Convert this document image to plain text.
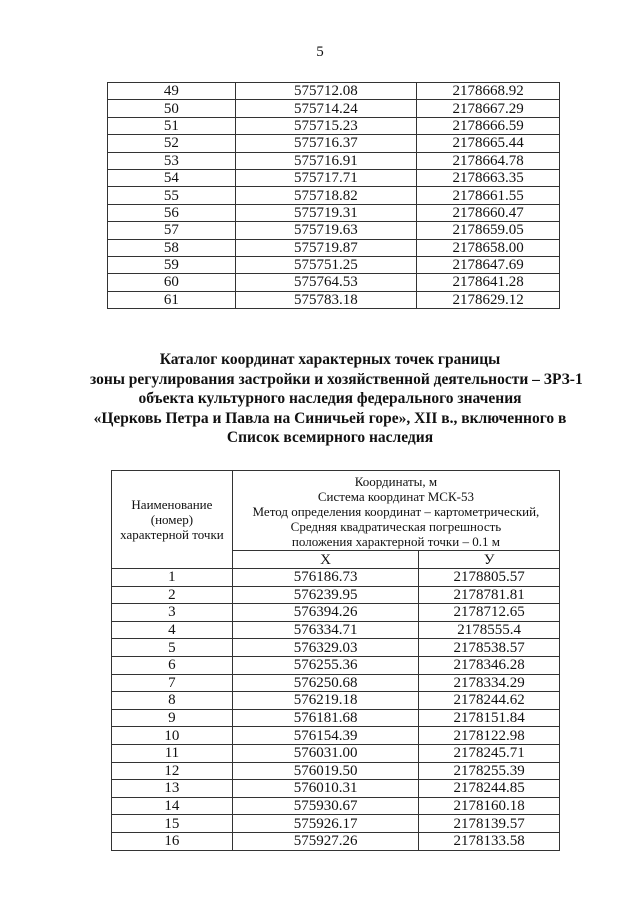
5
49	575712.08	2178668.92
50	575714.24	2178667.29
51	575715.23	2178666.59
52	575716.37	2178665.44
53	575716.91	2178664.78
54	575717.71	2178663.35
55	575718.82	2178661.55
56	575719.31	2178660.47
57	575719.63	2178659.05
58	575719.87	2178658.00
59	575751.25	2178647.69
60	575764.53	2178641.28
61	575783.18	2178629.12
Каталог координат характерных точек границы
зоны регулирования застройки и хозяйственной деятельности – ЗРЗ-1
объекта культурного наследия федерального значения
«Церковь Петра и Павла на Синичьей горе», XII в., включенного в
Список всемирного наследия
Наименование
(номер)
характерной точки

Координаты, м
Система координат МСК-53
Метод определения координат – картометрический,
Средняя квадратическая погрешность
положения характерной точки – 0.1 м

	X	У
1	576186.73	2178805.57
2	576239.95	2178781.81
3	576394.26	2178712.65
4	576334.71	2178555.4
5	576329.03	2178538.57
6	576255.36	2178346.28
7	576250.68	2178334.29
8	576219.18	2178244.62
9	576181.68	2178151.84
10	576154.39	2178122.98
11	576031.00	2178245.71
12	576019.50	2178255.39
13	576010.31	2178244.85
14	575930.67	2178160.18
15	575926.17	2178139.57
16	575927.26	2178133.58
